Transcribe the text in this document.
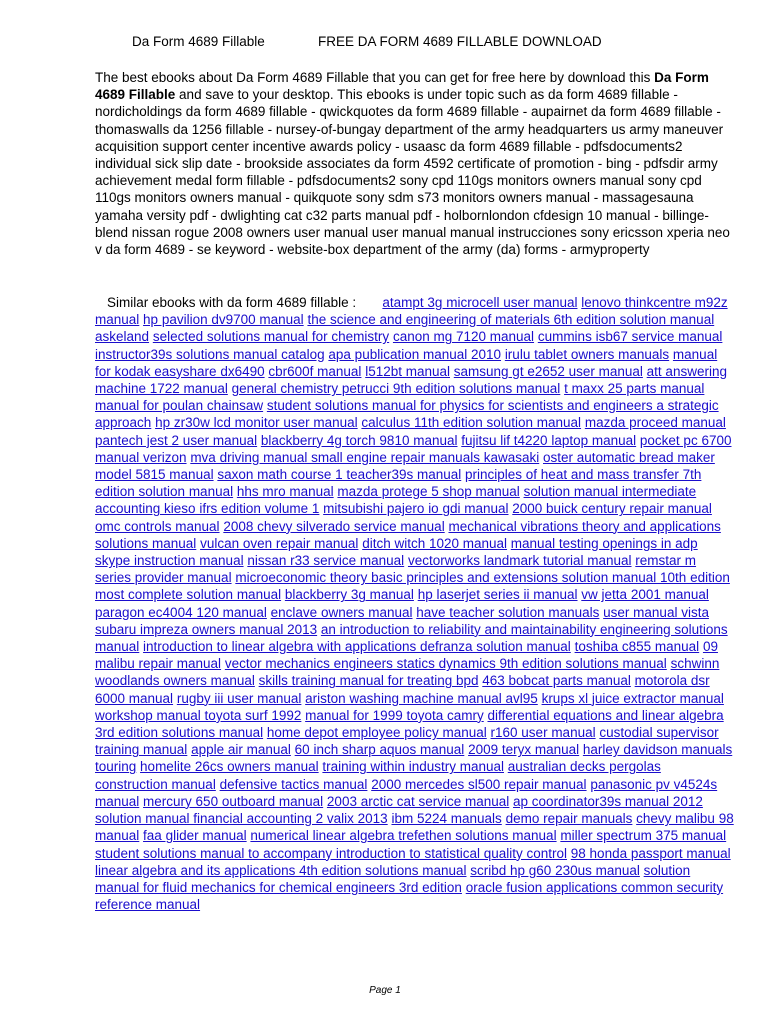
Da Form 4689 Fillable	FREE DA FORM 4689 FILLABLE DOWNLOAD
The best ebooks about Da Form 4689 Fillable that you can get for free here by download this Da Form 4689 Fillable and save to your desktop. This ebooks is under topic such as da form 4689 fillable - nordicholdings da form 4689 fillable - qwickquotes da form 4689 fillable - aupairnet da form 4689 fillable - thomaswalls da 1256 fillable - nursey-of-bungay department of the army headquarters us army maneuver acquisition support center incentive awards policy - usaasc da form 4689 fillable - pdfsdocuments2 individual sick slip date - brookside associates da form 4592 certificate of promotion - bing - pdfsdir army achievement medal form fillable - pdfsdocuments2 sony cpd 110gs monitors owners manual sony cpd 110gs monitors owners manual - quikquote sony sdm s73 monitors owners manual - massagesauna yamaha versity pdf - dwlighting cat c32 parts manual pdf - holbornlondon cfdesign 10 manual - billinge-blend nissan rogue 2008 owners user manual user manual manual instrucciones sony ericsson xperia neo v da form 4689 - se keyword - website-box department of the army (da) forms - armyproperty
Similar ebooks with da form 4689 fillable : atampt 3g microcell user manual lenovo thinkcentre m92z manual hp pavilion dv9700 manual the science and engineering of materials 6th edition solution manual askeland selected solutions manual for chemistry canon mg 7120 manual cummins isb67 service manual instructor39s solutions manual catalog apa publication manual 2010 irulu tablet owners manuals manual for kodak easyshare dx6490 cbr600f manual l512bt manual samsung gt e2652 user manual att answering machine 1722 manual general chemistry petrucci 9th edition solutions manual t maxx 25 parts manual manual for poulan chainsaw student solutions manual for physics for scientists and engineers a strategic approach hp zr30w lcd monitor user manual calculus 11th edition solution manual mazda proceed manual pantech jest 2 user manual blackberry 4g torch 9810 manual fujitsu lif t4220 laptop manual pocket pc 6700 manual verizon mva driving manual small engine repair manuals kawasaki oster automatic bread maker model 5815 manual saxon math course 1 teacher39s manual principles of heat and mass transfer 7th edition solution manual hhs mro manual mazda protege 5 shop manual solution manual intermediate accounting kieso ifrs edition volume 1 mitsubishi pajero io gdi manual 2000 buick century repair manual omc controls manual 2008 chevy silverado service manual mechanical vibrations theory and applications solutions manual vulcan oven repair manual ditch witch 1020 manual manual testing openings in adp skype instruction manual nissan r33 service manual vectorworks landmark tutorial manual remstar m series provider manual microeconomic theory basic principles and extensions solution manual 10th edition most complete solution manual blackberry 3g manual hp laserjet series ii manual vw jetta 2001 manual paragon ec4004 120 manual enclave owners manual have teacher solution manuals user manual vista subaru impreza owners manual 2013 an introduction to reliability and maintainability engineering solutions manual introduction to linear algebra with applications defranza solution manual toshiba c855 manual 09 malibu repair manual vector mechanics engineers statics dynamics 9th edition solutions manual schwinn woodlands owners manual skills training manual for treating bpd 463 bobcat parts manual motorola dsr 6000 manual rugby iii user manual ariston washing machine manual avl95 krups xl juice extractor manual workshop manual toyota surf 1992 manual for 1999 toyota camry differential equations and linear algebra 3rd edition solutions manual home depot employee policy manual r160 user manual custodial supervisor training manual apple air manual 60 inch sharp aquos manual 2009 teryx manual harley davidson manuals touring homelite 26cs owners manual training within industry manual australian decks pergolas construction manual defensive tactics manual 2000 mercedes sl500 repair manual panasonic pv v4524s manual mercury 650 outboard manual 2003 arctic cat service manual ap coordinator39s manual 2012 solution manual financial accounting 2 valix 2013 ibm 5224 manuals demo repair manuals chevy malibu 98 manual faa glider manual numerical linear algebra trefethen solutions manual miller spectrum 375 manual student solutions manual to accompany introduction to statistical quality control 98 honda passport manual linear algebra and its applications 4th edition solutions manual scribd hp g60 230us manual solution manual for fluid mechanics for chemical engineers 3rd edition oracle fusion applications common security reference manual
Page 1
